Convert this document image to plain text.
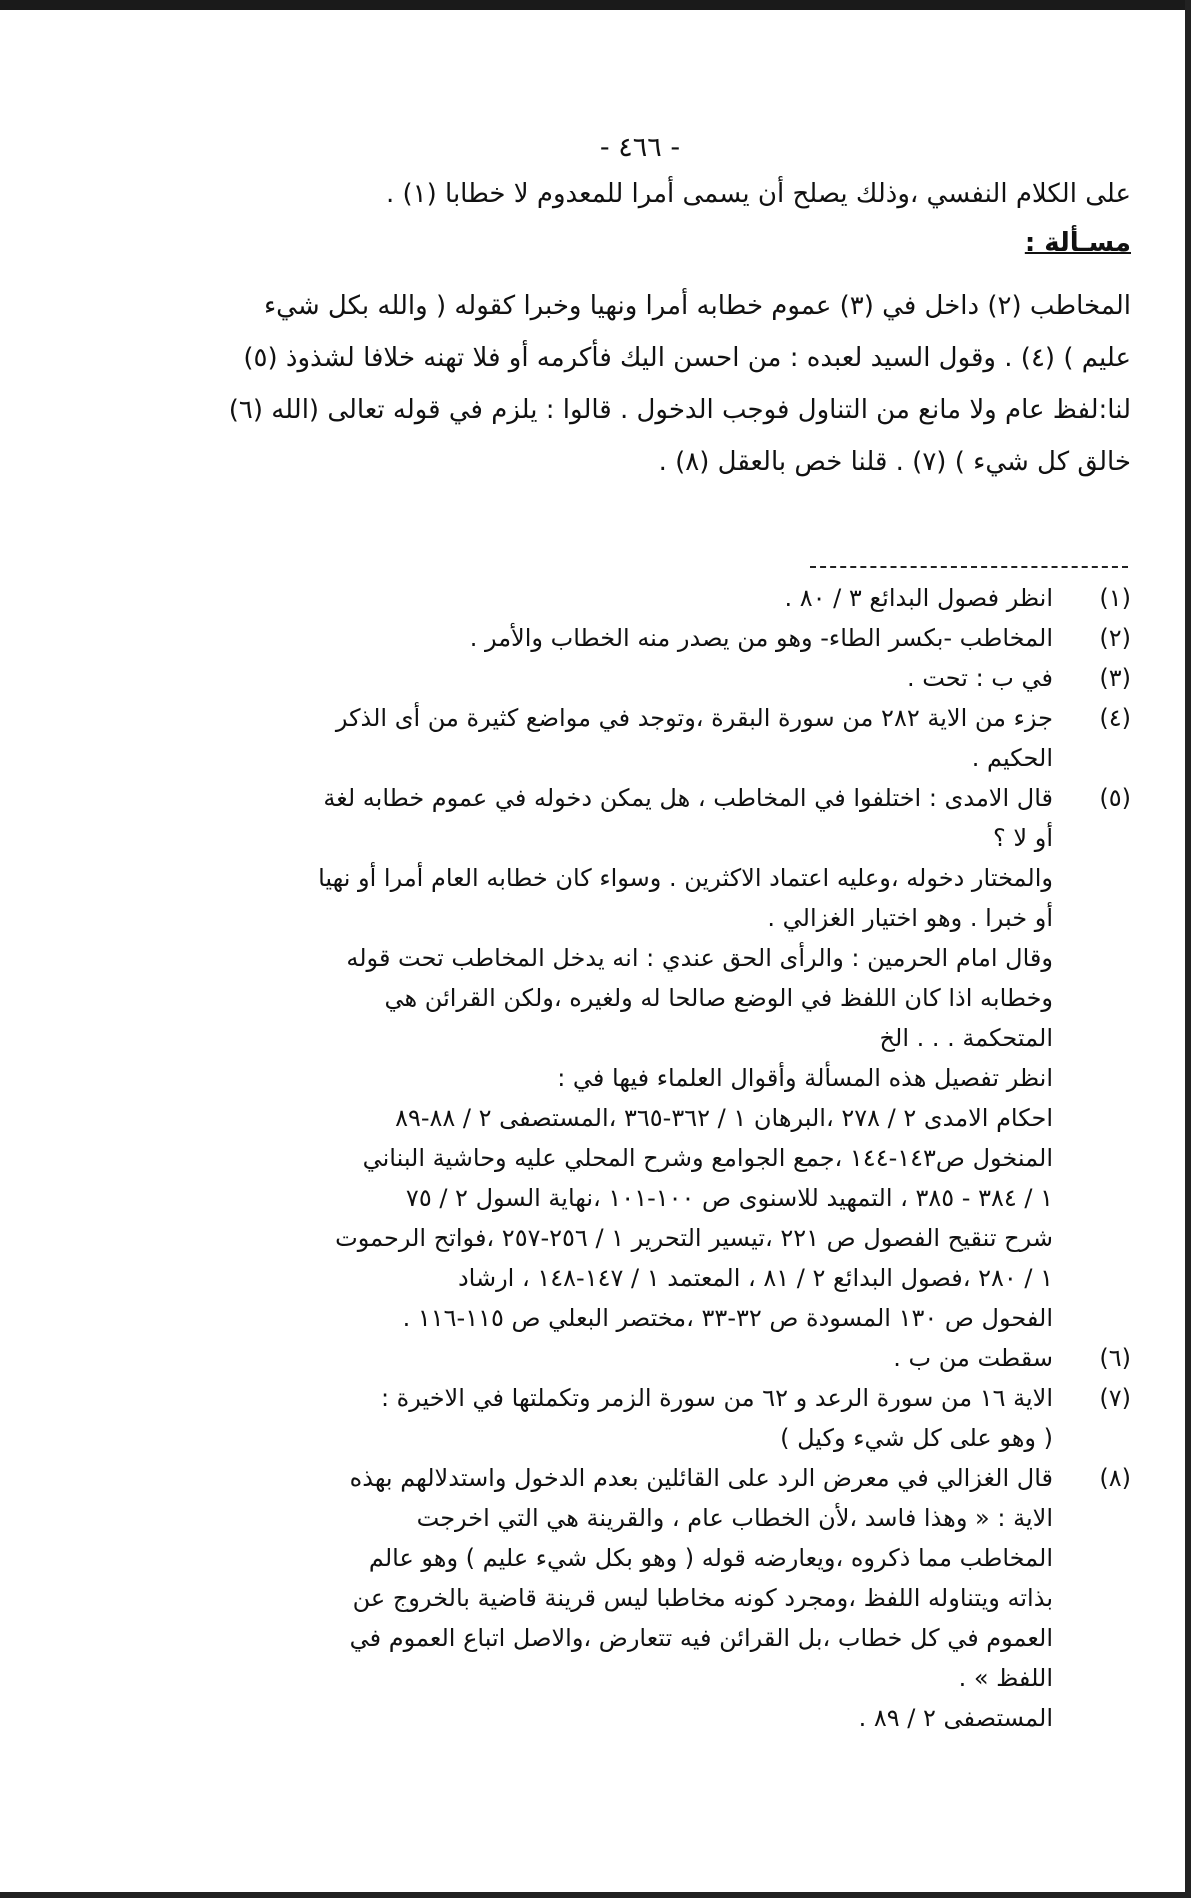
- ٤٦٦ -
على الكلام النفسي ،وذلك يصلح أن يسمى أمرا للمعدوم لا خطابا (١) .
مسـألة :
المخاطب (٢) داخل في (٣) عموم خطابه أمرا ونهيا وخبرا كقوله ( والله بكل شيء
عليم ) (٤) . وقول السيد لعبده : من احسن اليك فأكرمه أو فلا تهنه خلافا لشذوذ (٥)
لنا:لفظ عام ولا مانع من التناول فوجب الدخول . قالوا : يلزم في قوله تعالى (الله (٦)
خالق كل شيء ) (٧) . قلنا خص بالعقل (٨) .
(١)
انظر فصول البدائع ٣ / ٨٠ .
(٢)
المخاطب -بكسر الطاء- وهو من يصدر منه الخطاب والأمر .
(٣)
في ب : تحت .
(٤)
جزء من الاية ٢٨٢ من سورة البقرة ،وتوجد في مواضع كثيرة من أى الذكر
الحكيم .
(٥)
قال الامدى : اختلفوا في المخاطب ، هل يمكن دخوله في عموم خطابه لغة
أو لا ؟
والمختار دخوله ،وعليه اعتماد الاكثرين . وسواء كان خطابه العام أمرا أو نهيا
أو خبرا . وهو اختيار الغزالي .
وقال امام الحرمين : والرأى الحق عندي : انه يدخل المخاطب تحت قوله
وخطابه اذا كان اللفظ في الوضع صالحا له ولغيره ،ولكن القرائن هي
المتحكمة . . . الخ
انظر تفصيل هذه المسألة وأقوال العلماء فيها في :
احكام الامدى ٢ / ٢٧٨ ،البرهان ١ / ٣٦٢-٣٦٥ ،المستصفى ٢ / ٨٨-٨٩
المنخول ص١٤٣-١٤٤ ،جمع الجوامع وشرح المحلي عليه وحاشية البناني
١ / ٣٨٤ - ٣٨٥ ، التمهيد للاسنوى ص ١٠٠-١٠١ ،نهاية السول ٢ / ٧٥
شرح تنقيح الفصول ص ٢٢١ ،تيسير التحرير ١ / ٢٥٦-٢٥٧ ،فواتح الرحموت
١ / ٢٨٠ ،فصول البدائع ٢ / ٨١ ، المعتمد ١ / ١٤٧-١٤٨ ، ارشاد
الفحول ص ١٣٠ المسودة ص ٣٢-٣٣ ،مختصر البعلي ص ١١٥-١١٦ .
(٦)
سقطت من ب .
(٧)
الاية ١٦ من سورة الرعد و ٦٢ من سورة الزمر وتكملتها في الاخيرة :
( وهو على كل شيء وكيل )
(٨)
قال الغزالي في معرض الرد على القائلين بعدم الدخول واستدلالهم بهذه
الاية : « وهذا فاسد ،لأن الخطاب عام ، والقرينة هي التي اخرجت
المخاطب مما ذكروه ،ويعارضه قوله ( وهو بكل شيء عليم ) وهو عالم
بذاته ويتناوله اللفظ ،ومجرد كونه مخاطبا ليس قرينة قاضية بالخروج عن
العموم في كل خطاب ،بل القرائن فيه تتعارض ،والاصل اتباع العموم في
اللفظ » .
المستصفى ٢ / ٨٩ .
